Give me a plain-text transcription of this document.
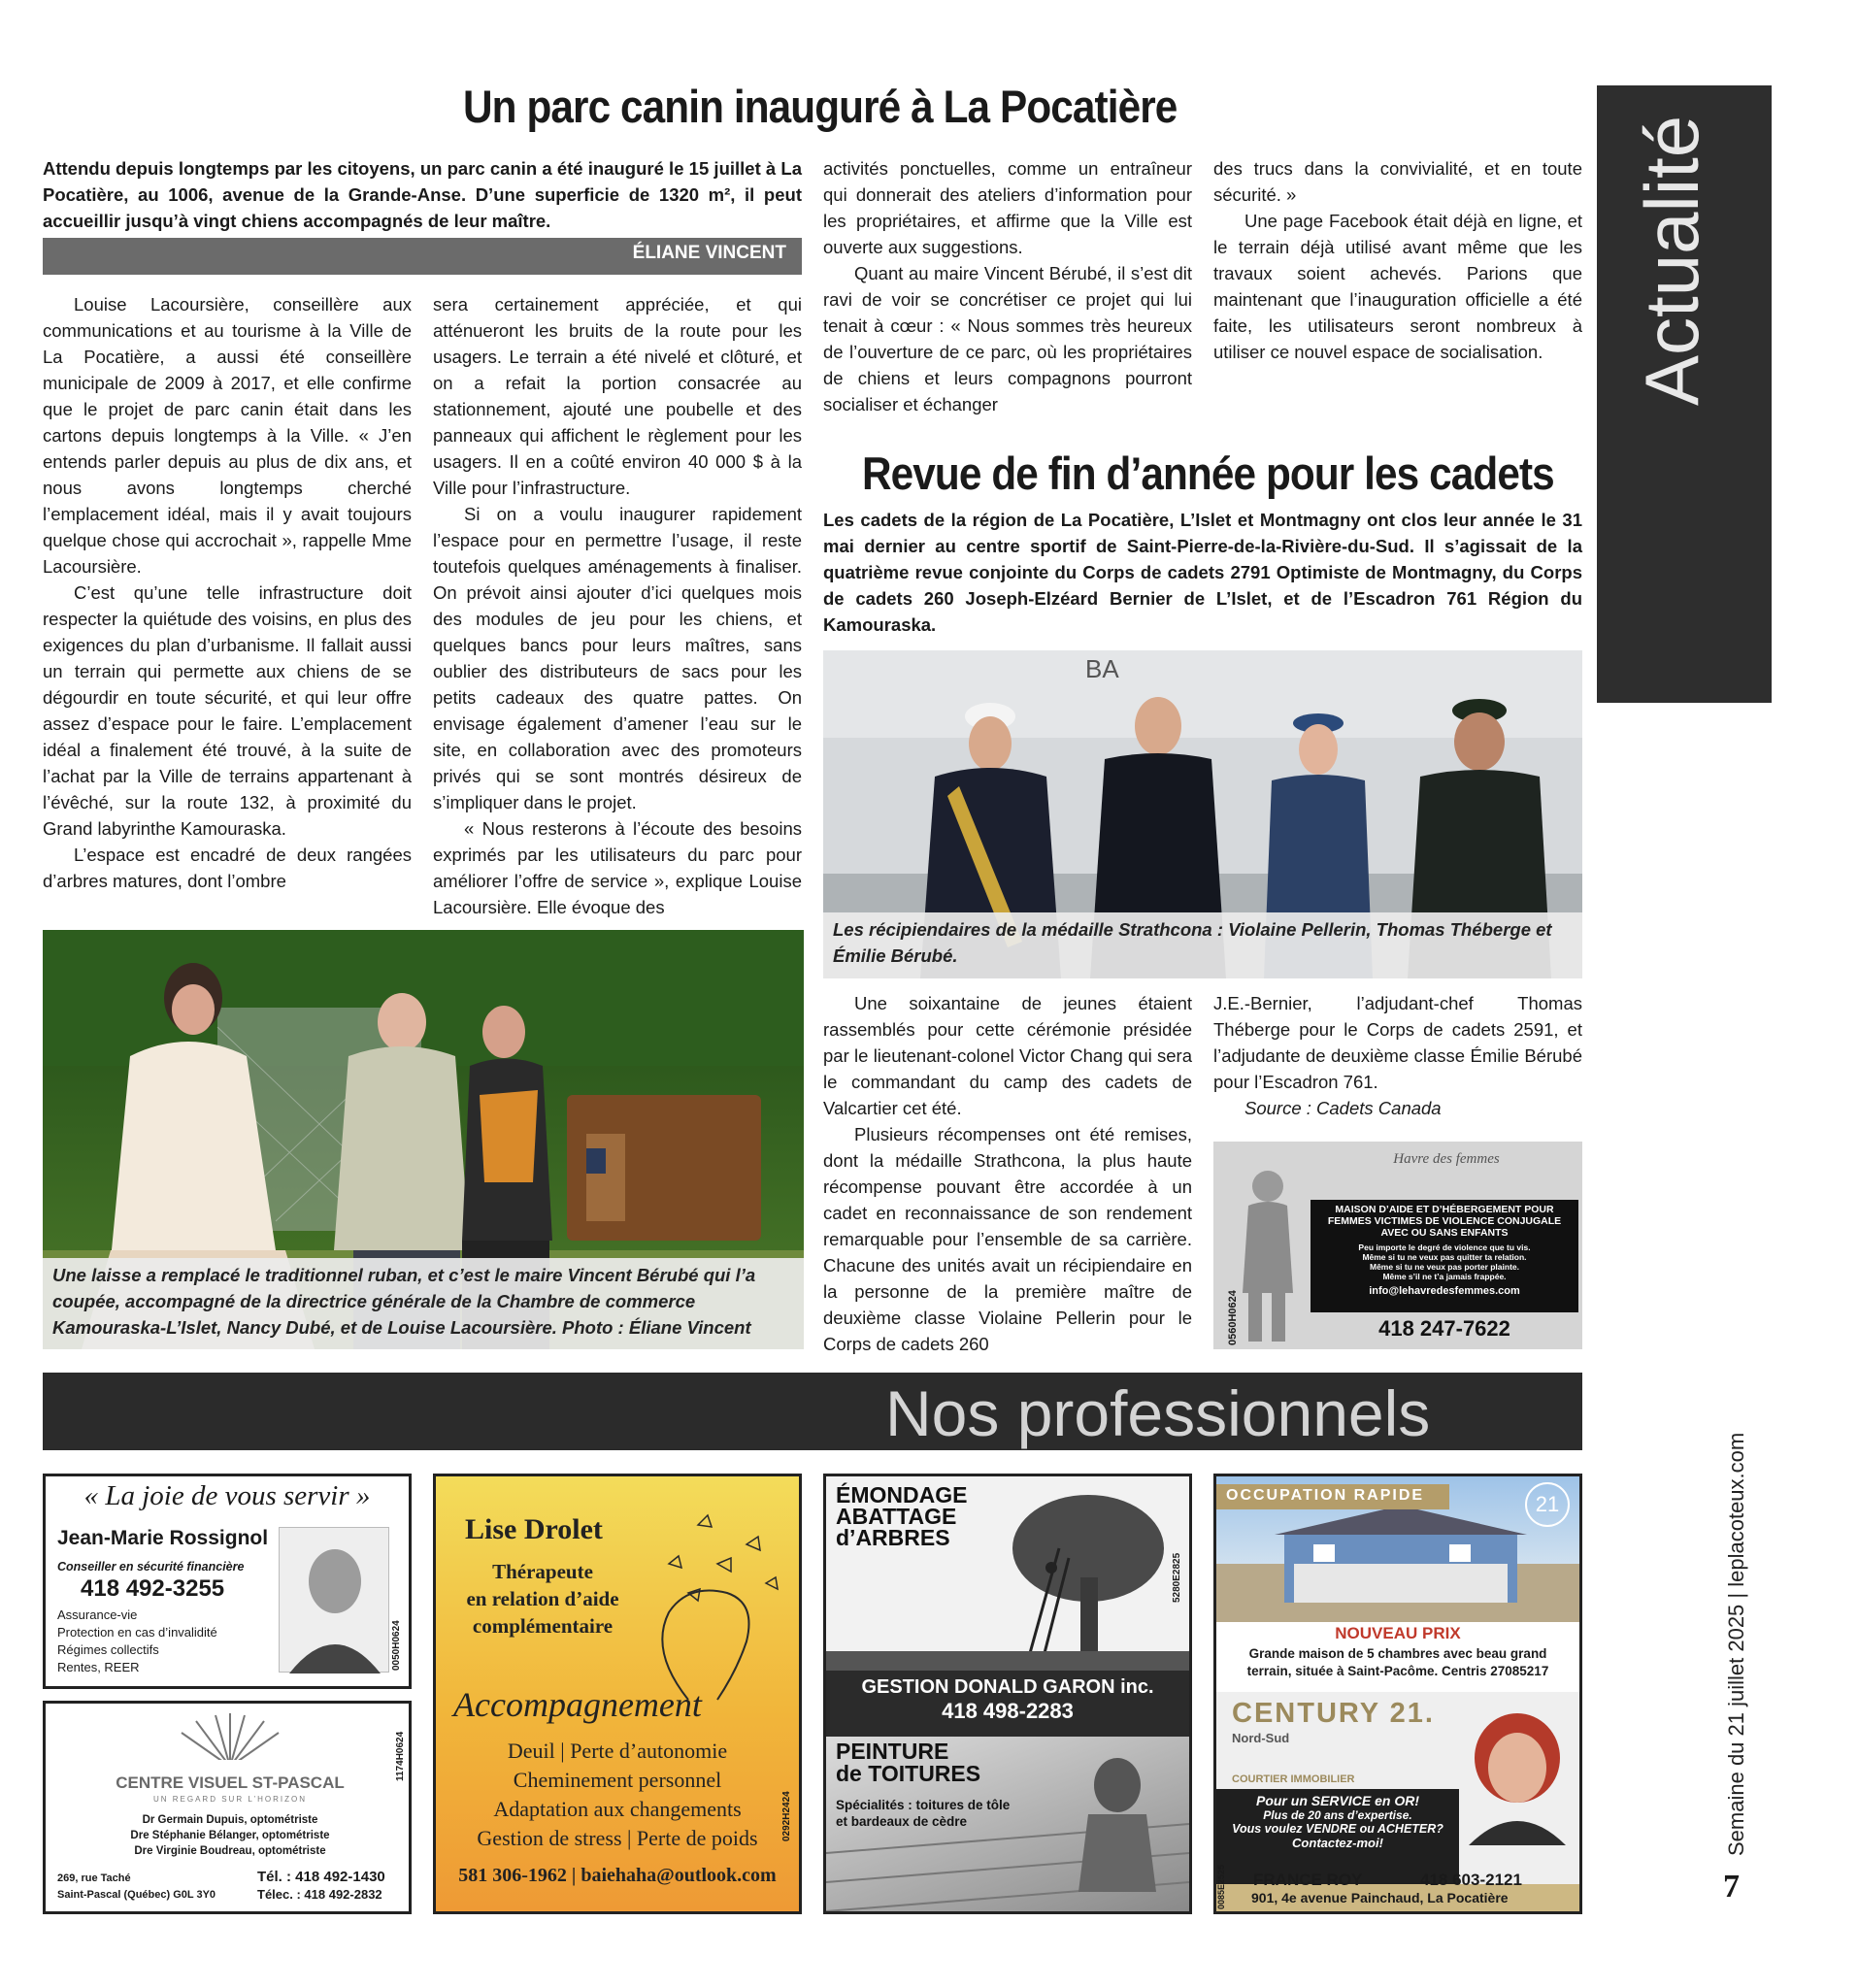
Actualité
Semaine du 21 juillet 2025 | leplacoteux.com
7
Un parc canin inauguré à La Pocatière
Attendu depuis longtemps par les citoyens, un parc canin a été inauguré le 15 juillet à La Pocatière, au 1006, avenue de la Grande-Anse. D’une superficie de 1320 m², il peut accueillir jusqu’à vingt chiens accompagnés de leur maître.
ÉLIANE VINCENT

Louise Lacoursière, conseillère aux communications et au tourisme à la Ville de La Pocatière, a aussi été conseillère municipale de 2009 à 2017, et elle confirme que le projet de parc canin était dans les cartons depuis longtemps à la Ville. « J’en entends parler depuis au plus de dix ans, et nous avons longtemps cherché l’emplacement idéal, mais il y avait toujours quelque chose qui accrochait », rappelle Mme Lacoursière.

C’est qu’une telle infrastructure doit respecter la quiétude des voisins, en plus des exigences du plan d’urbanisme. Il fallait aussi un terrain qui permette aux chiens de se dégourdir en toute sécurité, et qui leur offre assez d’espace pour le faire. L’emplacement idéal a finalement été trouvé, à la suite de l’achat par la Ville de terrains appartenant à l’évêché, sur la route 132, à proximité du Grand labyrinthe Kamouraska.

L’espace est encadré de deux rangées d’arbres matures, dont l’ombre

sera certainement appréciée, et qui atténueront les bruits de la route pour les usagers. Le terrain a été nivelé et clôturé, et on a refait la portion consacrée au stationnement, ajouté une poubelle et des panneaux qui affichent le règlement pour les usagers. Il en a coûté environ 40 000 $ à la Ville pour l’infrastructure.

Si on a voulu inaugurer rapidement l’espace pour en permettre l’usage, il reste toutefois quelques aménagements à finaliser. On prévoit ainsi ajouter d’ici quelques mois des modules de jeu pour les chiens, et quelques bancs pour leurs maîtres, sans oublier des distributeurs de sacs pour les petits cadeaux des quatre pattes. On envisage également d’amener l’eau sur le site, en collaboration avec des promoteurs privés qui se sont montrés désireux de s’impliquer dans le projet.

« Nous resterons à l’écoute des besoins exprimés par les utilisateurs du parc pour améliorer l’offre de service », explique Louise Lacoursière. Elle évoque des

activités ponctuelles, comme un entraîneur qui donnerait des ateliers d’information pour les propriétaires, et affirme que la Ville est ouverte aux suggestions.

Quant au maire Vincent Bérubé, il s’est dit ravi de voir se concrétiser ce projet qui lui tenait à cœur : « Nous sommes très heureux de l’ouverture de ce parc, où les propriétaires de chiens et leurs compagnons pourront socialiser et échanger

des trucs dans la convivialité, et en toute sécurité. »

Une page Facebook était déjà en ligne, et le terrain déjà utilisé avant même que les travaux soient achevés. Parions que maintenant que l’inauguration officielle a été faite, les utilisateurs seront nombreux à utiliser ce nouvel espace de socialisation.

Une laisse a remplacé le traditionnel ruban, et c’est le maire Vincent Bérubé qui l’a coupée, accompagné de la directrice générale de la Chambre de commerce Kamouraska-L’Islet, Nancy Dubé, et de Louise Lacoursière. Photo : Éliane Vincent
Revue de fin d’année pour les cadets
Les cadets de la région de La Pocatière, L’Islet et Montmagny ont clos leur année le 31 mai dernier au centre sportif de Saint-Pierre-de-la-Rivière-du-Sud. Il s’agissait de la quatrième revue conjointe du Corps de cadets 2791 Optimiste de Montmagny, du Corps de cadets 260 Joseph-Elzéard Bernier de L’Islet, et de l’Escadron 761 Région du Kamouraska.
BA
Les récipiendaires de la médaille Strathcona : Violaine Pellerin, Thomas Théberge et Émilie Bérubé.

Une soixantaine de jeunes étaient rassemblés pour cette cérémonie présidée par le lieutenant-colonel Victor Chang qui sera le commandant du camp des cadets de Valcartier cet été.

Plusieurs récompenses ont été remises, dont la médaille Strathcona, la plus haute récompense pouvant être accordée à un cadet en reconnaissance de son rendement remarquable pour l’ensemble de sa carrière. Chacune des unités avait un récipiendaire en la personne de la première maître de deuxième classe Violaine Pellerin pour le Corps de cadets 260

J.E.-Bernier, l’adjudant-chef Thomas Théberge pour le Corps de cadets 2591, et l’adjudante de deuxième classe Émilie Bérubé pour l’Escadron 761.

Source : Cadets Canada

0560H0624
Havre des femmes
MAISON D’AIDE ET D’HÉBERGEMENT POUR FEMMES VICTIMES DE VIOLENCE CONJUGALE AVEC OU SANS ENFANTS
Peu importe le degré de violence que tu vis.
Même si tu ne veux pas quitter ta relation.
Même si tu ne veux pas porter plainte.
Même s’il ne t’a jamais frappée.
info@lehavredesfemmes.com
418 247-7622
Nos professionnels
« La joie de vous servir »
Jean-Marie Rossignol
Conseiller en sécurité financière
418 492-3255
Assurance-vie
Protection en cas d’invalidité
Régimes collectifs
Rentes, REER	0050H0624
1174H0624
CENTRE VISUEL ST-PASCAL
UN REGARD SUR L’HORIZON
Dr Germain Dupuis, optométriste
Dre Stéphanie Bélanger, optométriste
Dre Virginie Boudreau, optométriste
269, rue Taché
Saint-Pascal (Québec) G0L 3Y0
Tél. : 418 492-1430
Télec. : 418 492-2832
Lise Drolet
Thérapeute
en relation d’aide
complémentaire
Accompagnement
Deuil | Perte d’autonomie
Cheminement personnel
Adaptation aux changements
Gestion de stress | Perte de poids
581 306-1962 | baiehaha@outlook.com
0292H2424
ÉMONDAGE
ABATTAGE
d’ARBRES
5280E2825
GESTION DONALD GARON inc.
418 498-2283
PEINTURE
de TOITURES
Spécialités : toitures de tôle
et bardeaux de cèdre
OCCUPATION RAPIDE	21
NOUVEAU PRIX
Grande maison de 5 chambres avec beau grand terrain, située à Saint-Pacôme. Centris 27085217
CENTURY 21.
Nord-Sud
COURTIER IMMOBILIER
Pour un SERVICE en OR!
Plus de 20 ans d’expertise.
Vous voulez VENDRE ou ACHETER?
Contactez-moi!
FRANCE ROY	418 603-2121
901, 4e avenue Painchaud, La Pocatière
0085E2525
